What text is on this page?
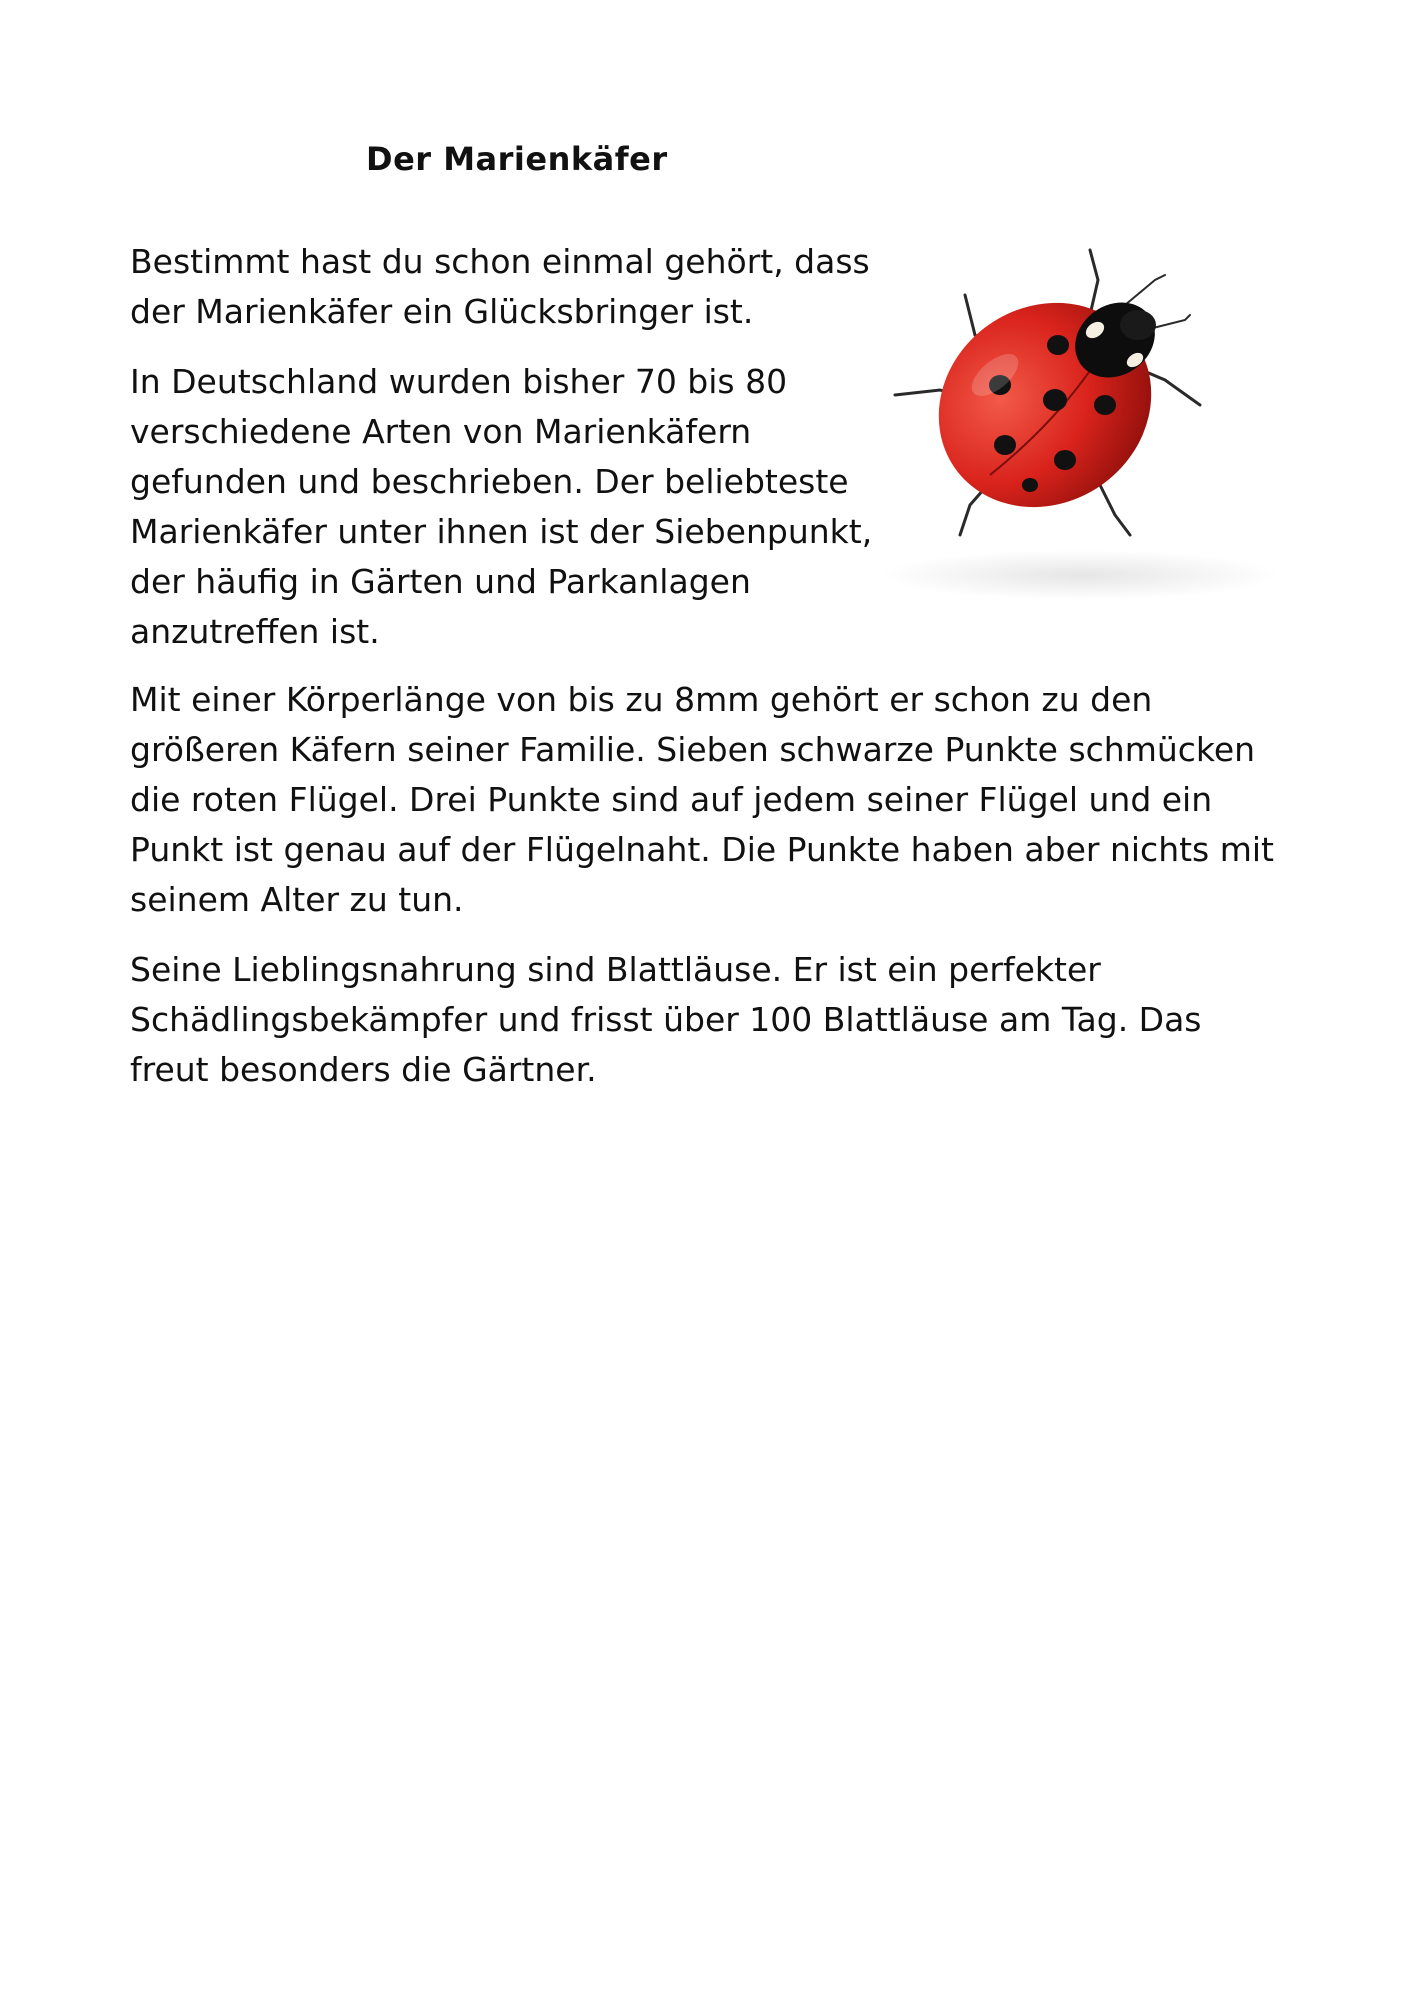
Der Marienkäfer

Bestimmt hast du schon einmal gehört, dass
der Marienkäfer ein Glücksbringer ist.

In Deutschland wurden bisher 70 bis 80
verschiedene Arten von Marienkäfern
gefunden und beschrieben. Der beliebteste
Marienkäfer unter ihnen ist der Siebenpunkt,
der häufig in Gärten und Parkanlagen
anzutreffen ist.

Mit einer Körperlänge von bis zu 8mm gehört er schon zu den
größeren Käfern seiner Familie. Sieben schwarze Punkte schmücken
die roten Flügel. Drei Punkte sind auf jedem seiner Flügel und ein
Punkt ist genau auf der Flügelnaht. Die Punkte haben aber nichts mit
seinem Alter zu tun.

Seine Lieblingsnahrung sind Blattläuse. Er ist ein perfekter
Schädlingsbekämpfer und frisst über 100 Blattläuse am Tag. Das
freut besonders die Gärtner.
